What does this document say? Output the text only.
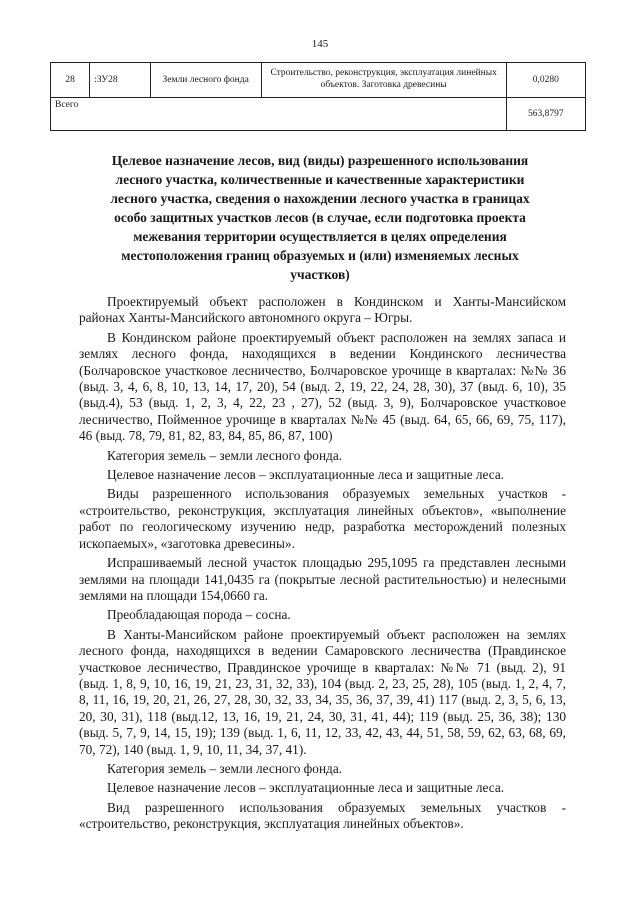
145
28	:ЗУ28	Земли лесного фонда	Строительство, реконструкция, эксплуатация линейных объектов. Заготовка древесины	0,0280
Всего				563,8797
Целевое назначение лесов, вид (виды) разрешенного использования лесного участка, количественные и качественные характеристики лесного участка, сведения о нахождении лесного участка в границах особо защитных участков лесов (в случае, если подготовка проекта межевания территории осуществляется в целях определения местоположения границ образуемых и (или) изменяемых лесных участков)

Проектируемый объект расположен в Кондинском и Ханты-Мансийском районах Ханты-Мансийского автономного округа – Югры.

В Кондинском районе проектируемый объект расположен на землях запаса и землях лесного фонда, находящихся в ведении Кондинского лесничества (Болчаровское участковое лесничество, Болчаровское урочище в кварталах: №№ 36 (выд. 3, 4, 6, 8, 10, 13, 14, 17, 20), 54 (выд. 2, 19, 22, 24, 28, 30), 37 (выд. 6, 10), 35 (выд.4), 53 (выд. 1, 2, 3, 4, 22, 23 , 27), 52 (выд. 3, 9), Болчаровское участковое лесничество, Пойменное урочище в кварталах №№ 45 (выд. 64, 65, 66, 69, 75, 117), 46 (выд. 78, 79, 81, 82, 83, 84, 85, 86, 87, 100)

Категория земель – земли лесного фонда.

Целевое назначение лесов – эксплуатационные леса и защитные леса.

Виды разрешенного использования образуемых земельных участков - «строительство, реконструкция, эксплуатация линейных объектов», «выполнение работ по геологическому изучению недр, разработка месторождений полезных ископаемых», «заготовка древесины».

Испрашиваемый лесной участок площадью 295,1095 га представлен лесными землями на площади 141,0435 га (покрытые лесной растительностью) и нелесными землями на площади 154,0660 га.

Преобладающая порода – сосна.

В Ханты-Мансийском районе проектируемый объект расположен на землях лесного фонда, находящихся в ведении Самаровского лесничества (Правдинское участковое лесничество, Правдинское урочище в кварталах: №№ 71 (выд. 2), 91 (выд. 1, 8, 9, 10, 16, 19, 21, 23, 31, 32, 33), 104 (выд. 2, 23, 25, 28), 105 (выд. 1, 2, 4, 7, 8, 11, 16, 19, 20, 21, 26, 27, 28, 30, 32, 33, 34, 35, 36, 37, 39, 41) 117 (выд. 2, 3, 5, 6, 13, 20, 30, 31), 118 (выд.12, 13, 16, 19, 21, 24, 30, 31, 41, 44); 119 (выд. 25, 36, 38); 130 (выд. 5, 7, 9, 14, 15, 19); 139 (выд. 1, 6, 11, 12, 33, 42, 43, 44, 51, 58, 59, 62, 63, 68, 69, 70, 72), 140 (выд. 1, 9, 10, 11, 34, 37, 41).

Категория земель – земли лесного фонда.

Целевое назначение лесов – эксплуатационные леса и защитные леса.

Вид разрешенного использования образуемых земельных участков - «строительство, реконструкция, эксплуатация линейных объектов».
